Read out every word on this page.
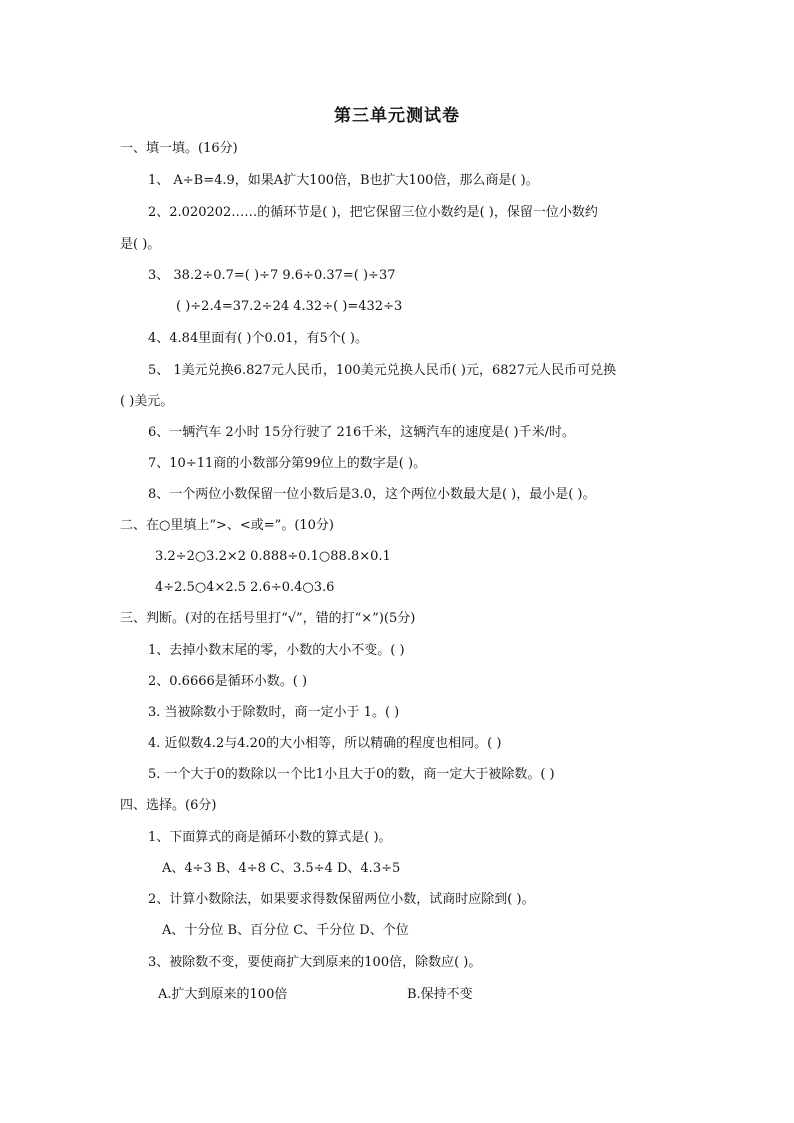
第三单元测试卷
一、填一填。(16分)
1、 A÷B=4.9，如果A扩大100倍，B也扩大100倍，那么商是( )。
2、2.020202……的循环节是( )，把它保留三位小数约是( )，保留一位小数约
是( )。
3、 38.2÷0.7=( )÷7 9.6÷0.37=( )÷37
( )÷2.4=37.2÷24 4.32÷( )=432÷3
4、4.84里面有( )个0.01，有5个( )。
5、 1美元兑换6.827元人民币，100美元兑换人民币( )元，6827元人民币可兑换
( )美元。
6、一辆汽车 2小时 15分行驶了 216千米，这辆汽车的速度是( )千米/时。
7、10÷11商的小数部分第99位上的数字是( )。
8、一个两位小数保留一位小数后是3.0，这个两位小数最大是( )，最小是( )。
二、在○里填上“>、<或=”。(10分)
3.2÷2○3.2×2 0.888÷0.1○88.8×0.1
4÷2.5○4×2.5 2.6÷0.4○3.6
三、判断。(对的在括号里打“√”，错的打“×”)(5分)
1、去掉小数末尾的零，小数的大小不变。( )
2、0.6666是循环小数。( )
3. 当被除数小于除数时，商一定小于 1。( )
4. 近似数4.2与4.20的大小相等，所以精确的程度也相同。( )
5. 一个大于0的数除以一个比1小且大于0的数，商一定大于被除数。( )
四、选择。(6分)
1、下面算式的商是循环小数的算式是( )。
A、4÷3 B、4÷8 C、3.5÷4 D、4.3÷5
2、计算小数除法，如果要求得数保留两位小数，试商时应除到( )。
A、十分位 B、百分位 C、千分位 D、个位
3、被除数不变，要使商扩大到原来的100倍，除数应( )。
A.扩大到原来的100倍	B.保持不变
